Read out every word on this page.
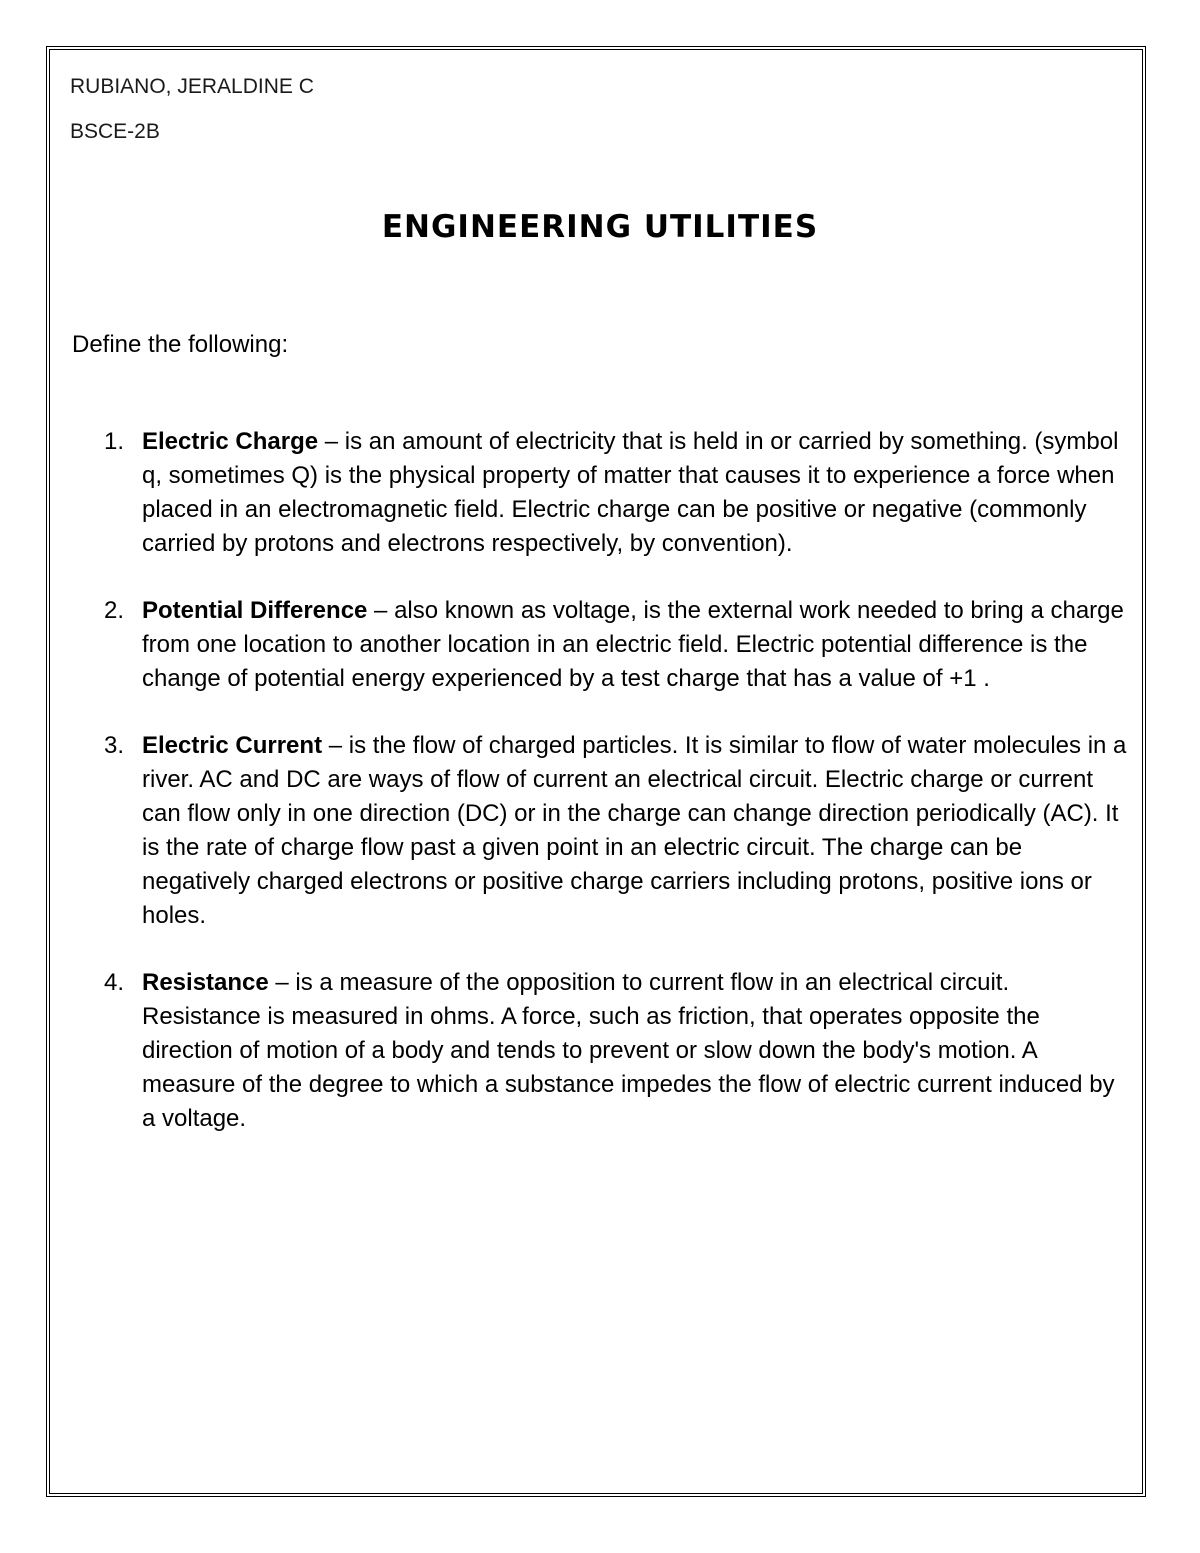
RUBIANO, JERALDINE C
BSCE-2B
ENGINEERING UTILITIES
Define the following:
1. Electric Charge – is an amount of electricity that is held in or carried by something. (symbol q, sometimes Q) is the physical property of matter that causes it to experience a force when placed in an electromagnetic field. Electric charge can be positive or negative (commonly carried by protons and electrons respectively, by convention).
2. Potential Difference – also known as voltage, is the external work needed to bring a charge from one location to another location in an electric field. Electric potential difference is the change of potential energy experienced by a test charge that has a value of +1 .
3. Electric Current – is the flow of charged particles. It is similar to flow of water molecules in a river. AC and DC are ways of flow of current an electrical circuit. Electric charge or current can flow only in one direction (DC) or in the charge can change direction periodically (AC). It is the rate of charge flow past a given point in an electric circuit. The charge can be negatively charged electrons or positive charge carriers including protons, positive ions or holes.
4. Resistance – is a measure of the opposition to current flow in an electrical circuit. Resistance is measured in ohms. A force, such as friction, that operates opposite the direction of motion of a body and tends to prevent or slow down the body's motion. A measure of the degree to which a substance impedes the flow of electric current induced by a voltage.
